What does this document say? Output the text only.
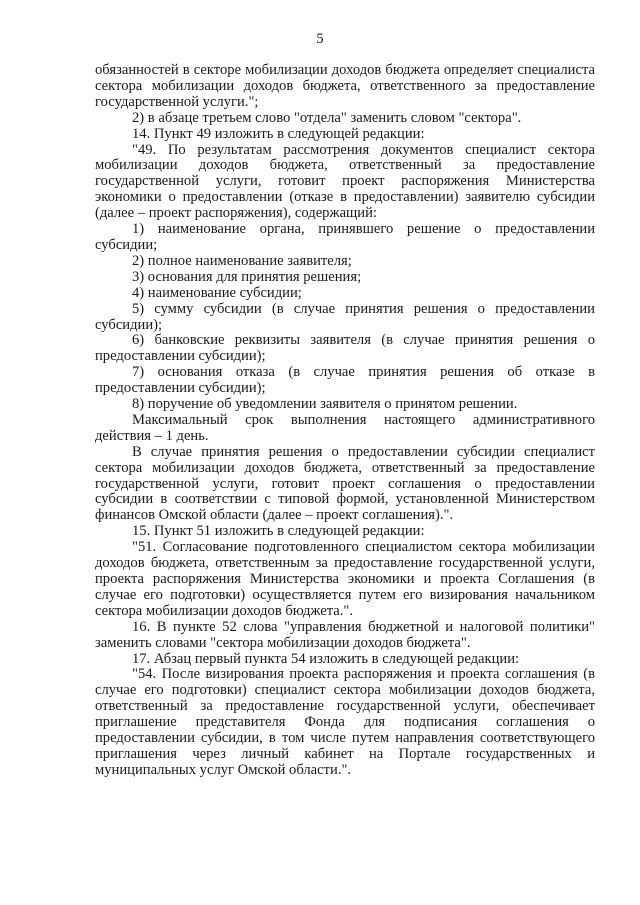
5

обязанностей в секторе мобилизации доходов бюджета определяет специалиста сектора мобилизации доходов бюджета, ответственного за предоставление государственной услуги.";

2) в абзаце третьем слово "отдела" заменить словом "сектора".

14. Пункт 49 изложить в следующей редакции:

"49. По результатам рассмотрения документов специалист сектора мобилизации доходов бюджета, ответственный за предоставление государственной услуги, готовит проект распоряжения Министерства экономики о предоставлении (отказе в предоставлении) заявителю субсидии (далее – проект распоряжения), содержащий:

1) наименование органа, принявшего решение о предоставлении субсидии;

2) полное наименование заявителя;

3) основания для принятия решения;

4) наименование субсидии;

5) сумму субсидии (в случае принятия решения о предоставлении субсидии);

6) банковские реквизиты заявителя (в случае принятия решения о предоставлении субсидии);

7) основания отказа (в случае принятия решения об отказе в предоставлении субсидии);

8) поручение об уведомлении заявителя о принятом решении.

Максимальный срок выполнения настоящего административного действия – 1 день.

В случае принятия решения о предоставлении субсидии специалист сектора мобилизации доходов бюджета, ответственный за предоставление государственной услуги, готовит проект соглашения о предоставлении субсидии в соответствии с типовой формой, установленной Министерством финансов Омской области (далее – проект соглашения).".

15. Пункт 51 изложить в следующей редакции:

"51. Согласование подготовленного специалистом сектора мобилизации доходов бюджета, ответственным за предоставление государственной услуги, проекта распоряжения Министерства экономики и проекта Соглашения (в случае его подготовки) осуществляется путем его визирования начальником сектора мобилизации доходов бюджета.".

16. В пункте 52 слова "управления бюджетной и налоговой политики" заменить словами "сектора мобилизации доходов бюджета".

17. Абзац первый пункта 54 изложить в следующей редакции:

"54. После визирования проекта распоряжения и проекта соглашения (в случае его подготовки) специалист сектора мобилизации доходов бюджета, ответственный за предоставление государственной услуги, обеспечивает приглашение представителя Фонда для подписания соглашения о предоставлении субсидии, в том числе путем направления соответствующего приглашения через личный кабинет на Портале государственных и муниципальных услуг Омской области.".
